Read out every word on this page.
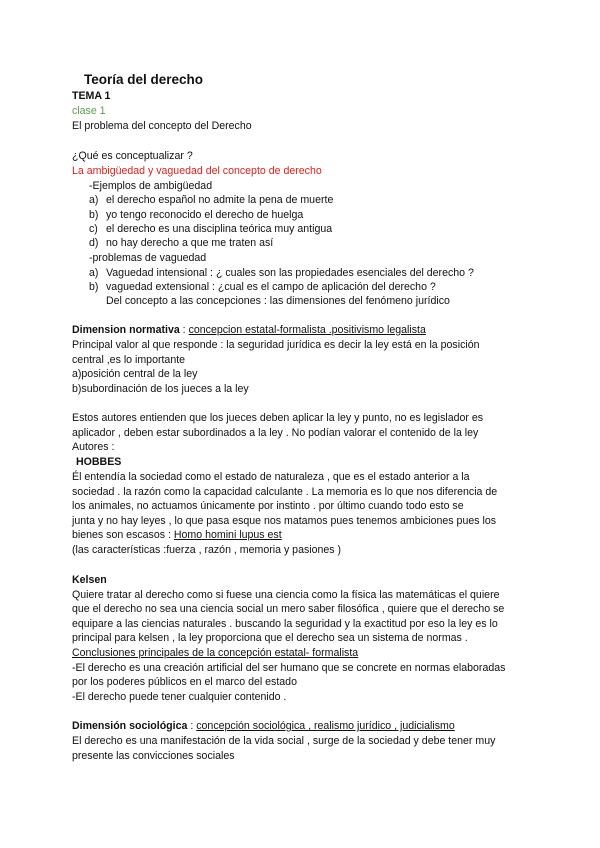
Teoría del derecho
TEMA 1
clase 1
El problema del concepto del Derecho
¿Qué es conceptualizar ?
La ambigüedad y vaguedad del concepto de derecho
-Ejemplos de ambigüedad
a) el derecho español no admite la pena de muerte
b) yo tengo reconocido el derecho de huelga
c) el derecho es una disciplina teórica muy antigua
d) no hay derecho a que me traten así
-problemas de vaguedad
a) Vaguedad intensional : ¿ cuales son las propiedades esenciales del derecho ?
b) vaguedad extensional : ¿cual es el campo de aplicación del derecho ?
Del concepto a las concepciones : las dimensiones del fenómeno jurídico
Dimension normativa : concepcion estatal-formalista .positivismo legalista
Principal valor al que responde : la seguridad jurídica es decir la ley está en la posición
central ,es lo importante
a)posición central de la ley
b)subordinación de los jueces a la ley
Estos autores entienden que los jueces deben aplicar la ley y punto, no es legislador es
aplicador , deben estar subordinados a la ley . No podían valorar el contenido de la ley
Autores :
HOBBES
Él entendía la sociedad como el estado de naturaleza , que es el estado anterior a la
sociedad . la razón como la capacidad calculante . La memoria es lo que nos diferencia de
los animales, no actuamos únicamente por instinto . por último cuando todo esto se
junta y no hay leyes , lo que pasa esque nos matamos pues tenemos ambiciones pues los
bienes son escasos : Homo homini lupus est
(las características :fuerza , razón , memoria y pasiones )
Kelsen
Quiere tratar al derecho como si fuese una ciencia como la física las matemáticas el quiere
que el derecho no sea una ciencia social un mero saber filosófica , quiere que el derecho se
equipare a las ciencias naturales . buscando la seguridad y la exactitud por eso la ley es lo
principal para kelsen , la ley proporciona que el derecho sea un sistema de normas .
Conclusiones principales de la concepción estatal- formalista
-El derecho es una creación artificial del ser humano que se concrete en normas elaboradas
por los poderes públicos en el marco del estado
-El derecho puede tener cualquier contenido .
Dimensión sociológica : concepción sociológica , realismo jurídico , judicialismo
El derecho es una manifestación de la vida social , surge de la sociedad y debe tener muy
presente las convicciones sociales
